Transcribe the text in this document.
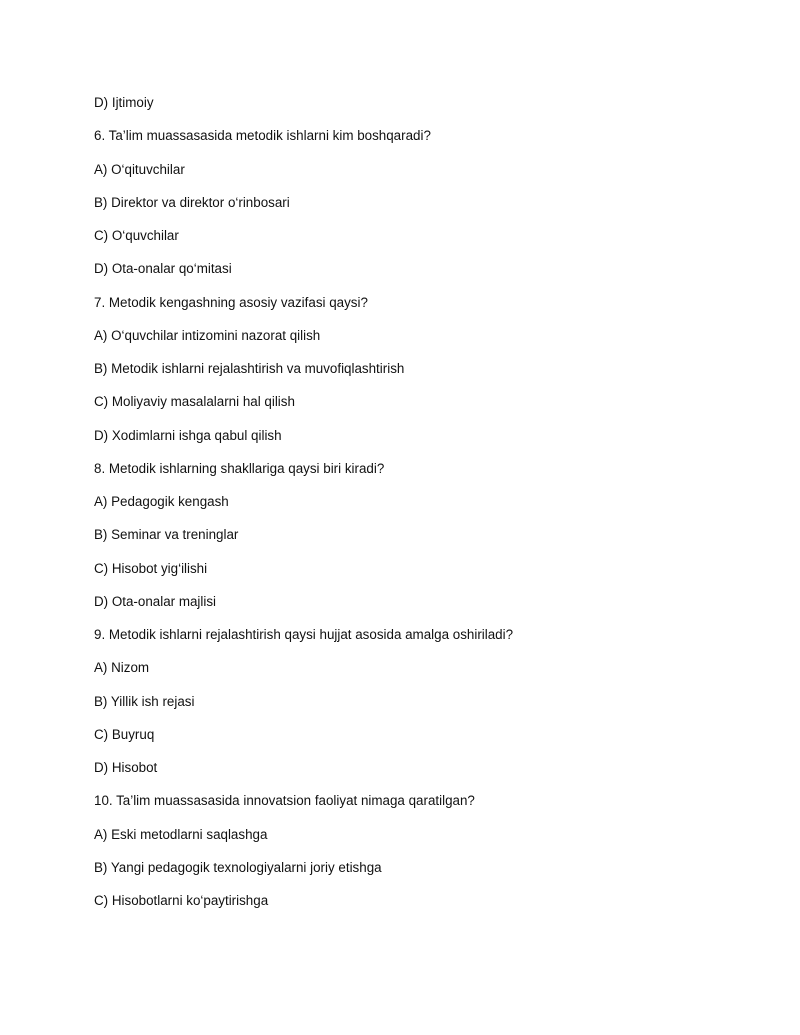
D) Ijtimoiy
6. Ta’lim muassasasida metodik ishlarni kim boshqaradi?
A) O‘qituvchilar
B) Direktor va direktor o‘rinbosari
C) O‘quvchilar
D) Ota-onalar qo‘mitasi
7. Metodik kengashning asosiy vazifasi qaysi?
A) O‘quvchilar intizomini nazorat qilish
B) Metodik ishlarni rejalashtirish va muvofiqlashtirish
C) Moliyaviy masalalarni hal qilish
D) Xodimlarni ishga qabul qilish
8. Metodik ishlarning shakllariga qaysi biri kiradi?
A) Pedagogik kengash
B) Seminar va treninglar
C) Hisobot yig‘ilishi
D) Ota-onalar majlisi
9. Metodik ishlarni rejalashtirish qaysi hujjat asosida amalga oshiriladi?
A) Nizom
B) Yillik ish rejasi
C) Buyruq
D) Hisobot
10. Ta’lim muassasasida innovatsion faoliyat nimaga qaratilgan?
A) Eski metodlarni saqlashga
B) Yangi pedagogik texnologiyalarni joriy etishga
C) Hisobotlarni ko‘paytirishga
